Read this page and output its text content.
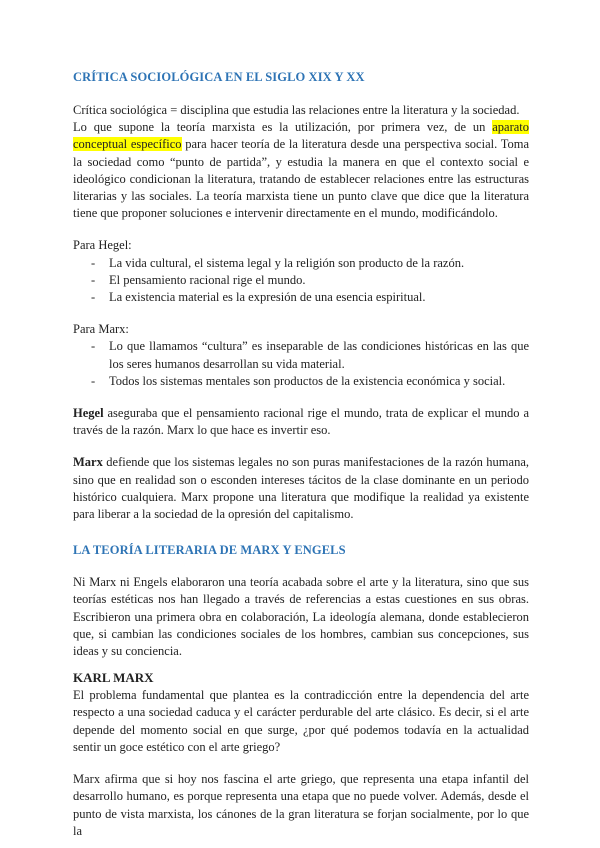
CRÍTICA SOCIOLÓGICA EN EL SIGLO XIX Y XX

Crítica sociológica = disciplina que estudia las relaciones entre la literatura y la sociedad.

Lo que supone la teoría marxista es la utilización, por primera vez, de un aparato conceptual específico para hacer teoría de la literatura desde una perspectiva social. Toma la sociedad como “punto de partida”, y estudia la manera en que el contexto social e ideológico condicionan la literatura, tratando de establecer relaciones entre las estructuras literarias y las sociales. La teoría marxista tiene un punto clave que dice que la literatura tiene que proponer soluciones e intervenir directamente en el mundo, modificándolo.

Para Hegel:

- La vida cultural, el sistema legal y la religión son producto de la razón.
- El pensamiento racional rige el mundo.
- La existencia material es la expresión de una esencia espiritual.

Para Marx:

- Lo que llamamos “cultura” es inseparable de las condiciones históricas en las que los seres humanos desarrollan su vida material.
- Todos los sistemas mentales son productos de la existencia económica y social.

Hegel aseguraba que el pensamiento racional rige el mundo, trata de explicar el mundo a través de la razón. Marx lo que hace es invertir eso.

Marx defiende que los sistemas legales no son puras manifestaciones de la razón humana, sino que en realidad son o esconden intereses tácitos de la clase dominante en un periodo histórico cualquiera. Marx propone una literatura que modifique la realidad ya existente para liberar a la sociedad de la opresión del capitalismo.

LA TEORÍA LITERARIA DE MARX Y ENGELS

Ni Marx ni Engels elaboraron una teoría acabada sobre el arte y la literatura, sino que sus teorías estéticas nos han llegado a través de referencias a estas cuestiones en sus obras. Escribieron una primera obra en colaboración, La ideología alemana, donde establecieron que, si cambian las condiciones sociales de los hombres, cambian sus concepciones, sus ideas y su conciencia.

KARL MARX

El problema fundamental que plantea es la contradicción entre la dependencia del arte respecto a una sociedad caduca y el carácter perdurable del arte clásico. Es decir, si el arte depende del momento social en que surge, ¿por qué podemos todavía en la actualidad sentir un goce estético con el arte griego?

Marx afirma que si hoy nos fascina el arte griego, que representa una etapa infantil del desarrollo humano, es porque representa una etapa que no puede volver. Además, desde el punto de vista marxista, los cánones de la gran literatura se forjan socialmente, por lo que la
